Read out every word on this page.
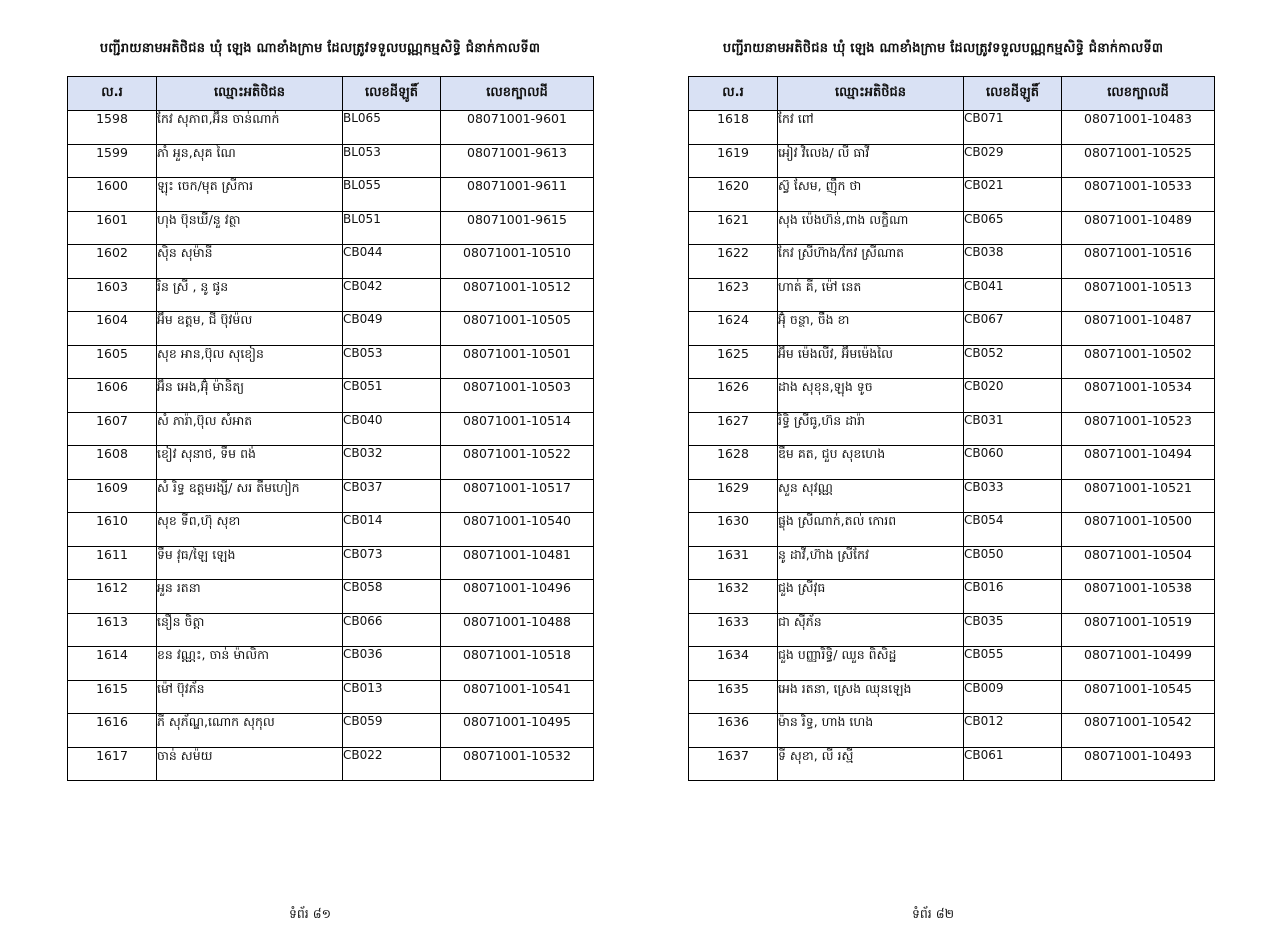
បញ្ជីរាយនាមអតិថិជន ឃុំ ឡេង ណាខាំងក្រាម ដែលត្រូវទទួលបណ្ណកម្មសិទ្ធិ ជំនាក់កាលទី៣
ល.រ	ឈ្មោះអតិថិជន	លេខដីឡូតិ៍	លេខក្បាលដី
1598	កែវ សុភាព,អ៊ិន ចាន់ណាក់	BL065	08071001-9601
1599	ភាំ អួន,សុគ ណៃ	BL053	08071001-9613
1600	ឡុះ ចេក/មុត ស្រីការ	BL055	08071001-9611
1601	ហុង ប៊ុនឃី/នួ វត្ថា	BL051	08071001-9615
1602	ស៊ិន សុម៉ានី	CB044	08071001-10510
1603	រិន ស្រី , នូ ផូន	CB042	08071001-10512
1604	អ៊ឹម ឧត្តម, ជី ប៊ុវម៉ល	CB049	08071001-10505
1605	សុខ អាន,ប៊ុល សុខៀន	CB053	08071001-10501
1606	អ៊ិន អេង,អ៊ុំ ម៉ានិត្យ	CB051	08071001-10503
1607	សំ ភារ៉ា,ប៊ុល សំអាត	CB040	08071001-10514
1608	ខៀវ សុនាថ, ទឹម ពង់	CB032	08071001-10522
1609	សំ រិទ្ធ ឧត្តមរង្សី/ សរ តឹមហៀក	CB037	08071001-10517
1610	សុខ ទីព,ហ៊ុ សុខា	CB014	08071001-10540
1611	ទឹម វុធ/ឡៃ ឡេង	CB073	08071001-10481
1612	អួន រតនា	CB058	08071001-10496
1613	នឿន ចិត្តា	CB066	08071001-10488
1614	ខន វណ្ណះ, ចាន់ ម៉ាលិកា	CB036	08071001-10518
1615	ម៉ៅ ប៊ុវភ័ន	CB013	08071001-10541
1616	ភី សុភ័ណ្ឌ,ណោក សុកុល	CB059	08071001-10495
1617	ចាន់ សម៉យ	CB022	08071001-10532
ទំព័រ ៨១
បញ្ជីរាយនាមអតិថិជន ឃុំ ឡេង ណាខាំងក្រាម ដែលត្រូវទទួលបណ្ណកម្មសិទ្ធិ ជំនាក់កាលទី៣
ល.រ	ឈ្មោះអតិថិជន	លេខដីឡូតិ៍	លេខក្បាលដី
1618	កែវ ពៅ	CB071	08071001-10483
1619	អៀវ វិលេង/ លី ធាវី	CB029	08071001-10525
1620	ស្វ៊ សែម, ញ៉ឹក ថា	CB021	08071001-10533
1621	សុង ប៉េងហ៊ន់,ពាង លក្ខិណា	CB065	08071001-10489
1622	កែវ ស្រីហ៊ាង/កែវ ស្រីណាត	CB038	08071001-10516
1623	ហាត់ គី, ម៉ៅ នេត	CB041	08071001-10513
1624	អ៊ុំ ចន្ថា, ចឹង ខា	CB067	08071001-10487
1625	អ៊ឹម ម៉េងលីវ, អ៊ឹមម៉េងលៃ	CB052	08071001-10502
1626	ដាង សុខុន,ឡុង ទូច	CB020	08071001-10534
1627	រិទ្ធិ ស្រីធូ,ហ៊ន ដារ៉ា	CB031	08071001-10523
1628	ឌឹម គត, ជួប សុខហេង	CB060	08071001-10494
1629	សួន សុវណ្ណ	CB033	08071001-10521
1630	ផ្លុង ស្រីណាក់,តល់ កោរព	CB054	08071001-10500
1631	នូ ដាវី,ហ៊ាង ស្រីកែវ	CB050	08071001-10504
1632	ជួង ស្រីវុធ	CB016	08071001-10538
1633	ជា ស៊ីភ័ន	CB035	08071001-10519
1634	ជួង បញ្ញារិទ្ធិ/ ឈួន ពិសិដ្ឋ	CB055	08071001-10499
1635	អេង រតនា, ស្រេង ឈុនឡេង	CB009	08071001-10545
1636	ម៉ាន រិទ្ធ, ហាង ហេង	CB012	08071001-10542
1637	ទី សុខា, លី រស្មី	CB061	08071001-10493
ទំព័រ ៨២
